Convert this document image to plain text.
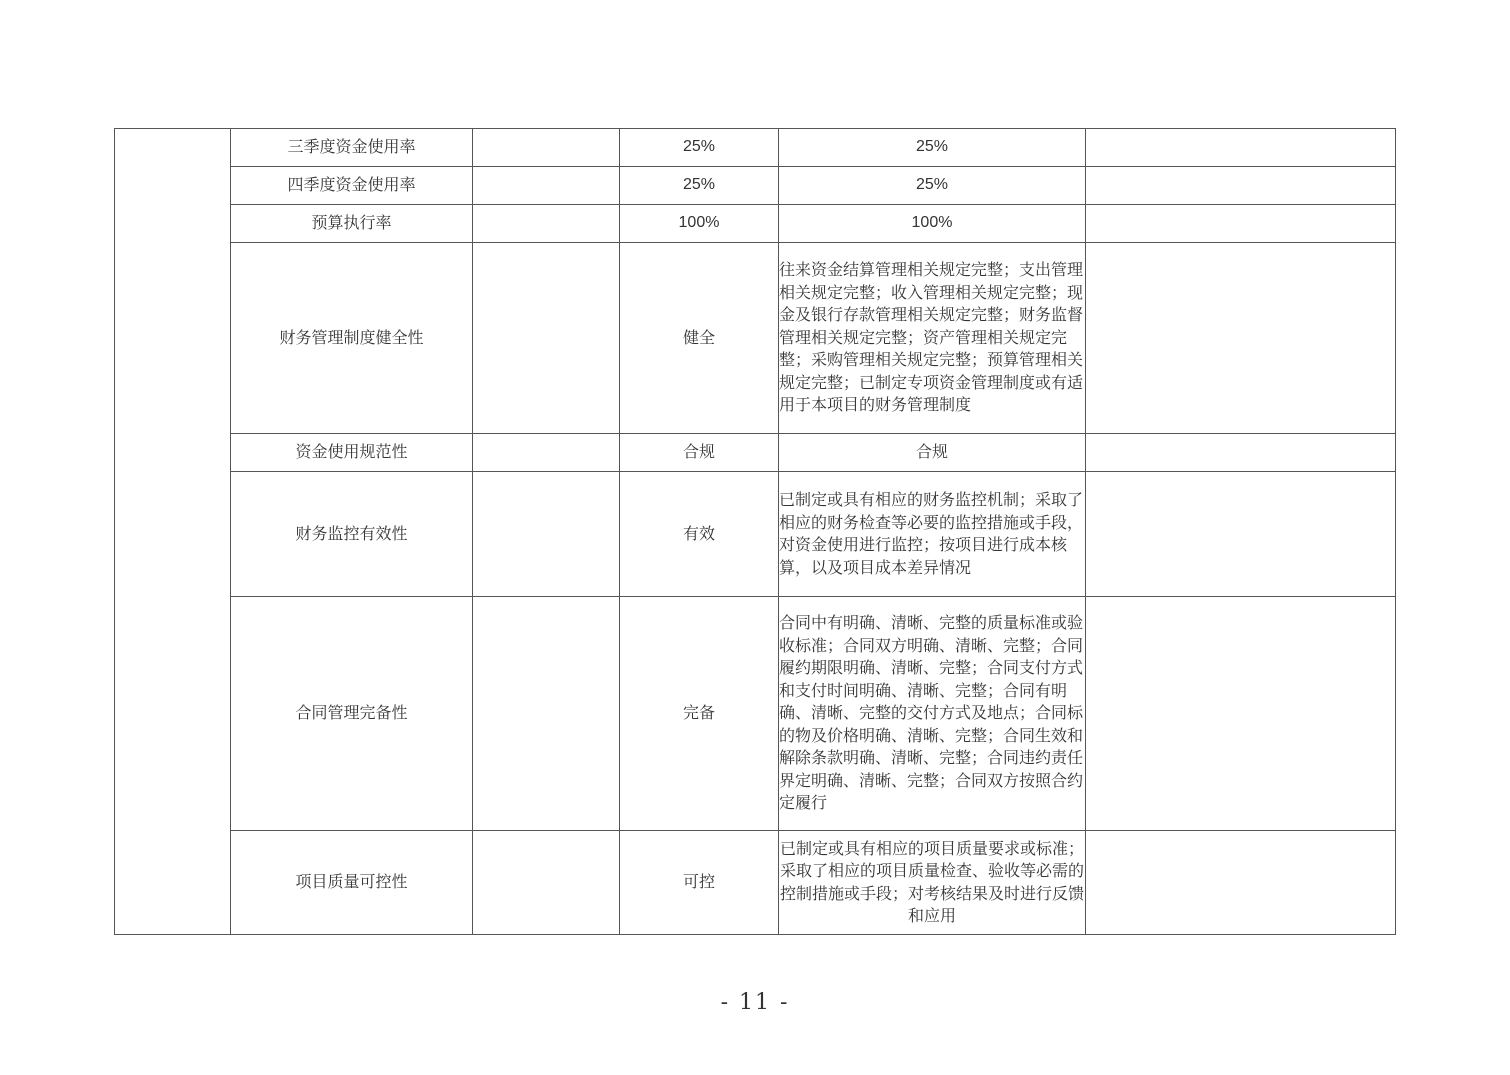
	三季度资金使用率		25%	25%	
	四季度资金使用率		25%	25%	
	预算执行率		100%	100%	
	财务管理制度健全性		健全	往来资金结算管理相关规定完整；支出管理相关规定完整；收入管理相关规定完整；现金及银行存款管理相关规定完整；财务监督管理相关规定完整；资产管理相关规定完整；采购管理相关规定完整；预算管理相关规定完整；已制定专项资金管理制度或有适用于本项目的财务管理制度	
	资金使用规范性		合规	合规	
	财务监控有效性		有效	已制定或具有相应的财务监控机制；采取了相应的财务检查等必要的监控措施或手段，对资金使用进行监控；按项目进行成本核算，以及项目成本差异情况	
	合同管理完备性		完备	合同中有明确、清晰、完整的质量标准或验收标准；合同双方明确、清晰、完整；合同履约期限明确、清晰、完整；合同支付方式和支付时间明确、清晰、完整；合同有明确、清晰、完整的交付方式及地点；合同标的物及价格明确、清晰、完整；合同生效和解除条款明确、清晰、完整；合同违约责任界定明确、清晰、完整；合同双方按照合约定履行	
	项目质量可控性		可控	已制定或具有相应的项目质量要求或标准；采取了相应的项目质量检查、验收等必需的控制措施或手段；对考核结果及时进行反馈和应用	
- 11 -
